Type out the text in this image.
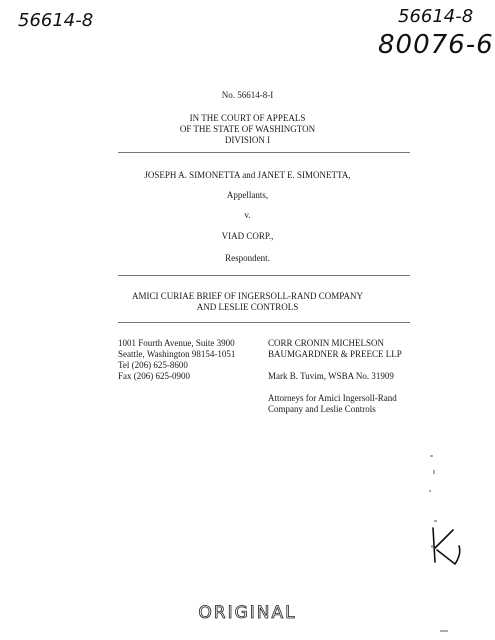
56614-8	56614-8
80076-6
No. 56614-8-I
IN THE COURT OF APPEALS
OF THE STATE OF WASHINGTON
DIVISION I
JOSEPH A. SIMONETTA and JANET E. SIMONETTA,
Appellants,
v.
VIAD CORP.,
Respondent.
AMICI CURIAE BRIEF OF INGERSOLL-RAND COMPANY
AND LESLIE CONTROLS
1001 Fourth Avenue, Suite 3900
Seattle, Washington 98154-1051
Tel (206) 625-8600
Fax (206) 625-0900
CORR CRONIN MICHELSON
BAUMGARDNER & PREECE LLP
Mark B. Tuvim, WSBA No. 31909
Attorneys for Amici Ingersoll-Rand
Company and Leslie Controls
ORIGINAL
